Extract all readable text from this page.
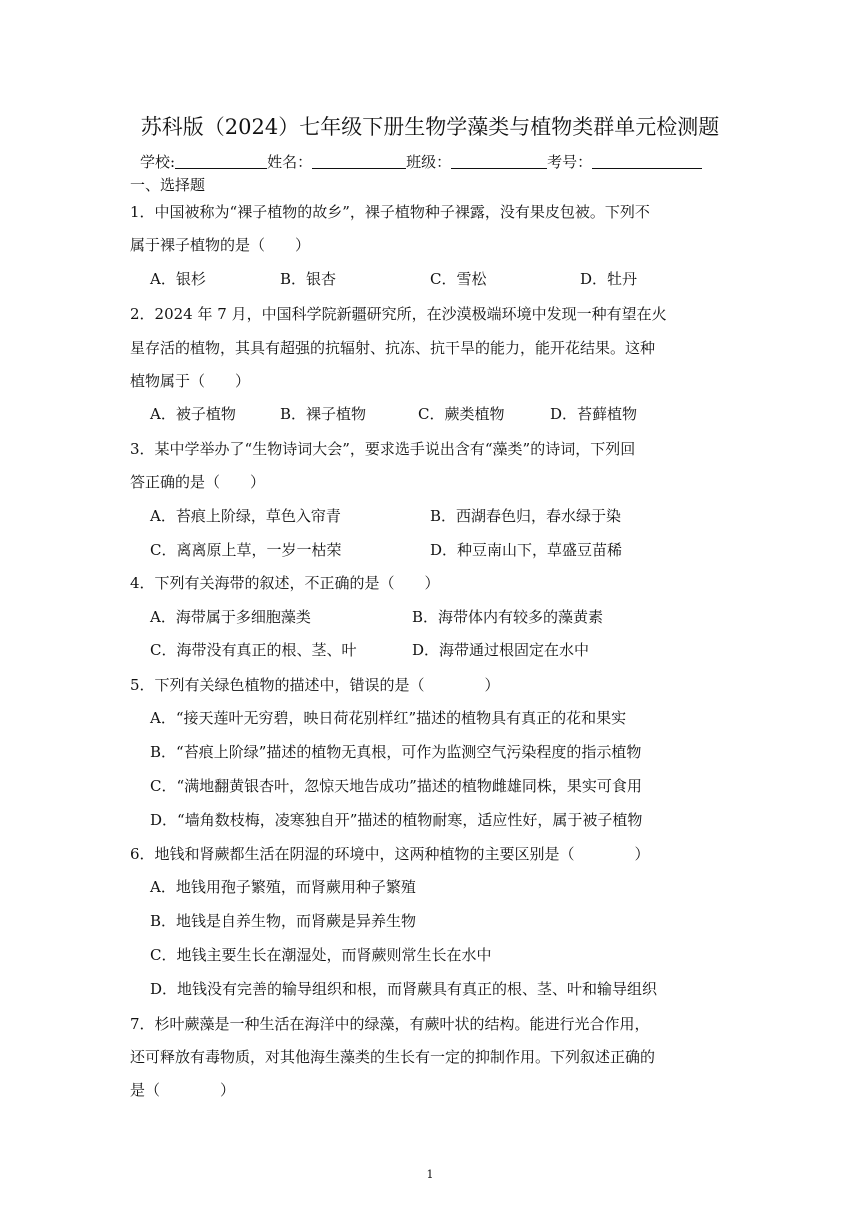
苏科版（2024）七年级下册生物学藻类与植物类群单元检测题
学校:	姓名：	班级：	考号：
一、选择题
1．中国被称为“裸子植物的故乡”，裸子植物种子裸露，没有果皮包被。下列不
属于裸子植物的是（　　）
A．银杉	B．银杏	C．雪松	D．牡丹
2．2024 年 7 月，中国科学院新疆研究所，在沙漠极端环境中发现一种有望在火
星存活的植物，其具有超强的抗辐射、抗冻、抗干旱的能力，能开花结果。这种
植物属于（　　）
A．被子植物	B．裸子植物	C．蕨类植物	D．苔藓植物
3．某中学举办了“生物诗词大会”，要求选手说出含有“藻类”的诗词，下列回
答正确的是（　　）
A．苔痕上阶绿，草色入帘青	B．西湖春色归，春水绿于染
C．离离原上草，一岁一枯荣	D．种豆南山下，草盛豆苗稀
4．下列有关海带的叙述，不正确的是（　　）
A．海带属于多细胞藻类	B．海带体内有较多的藻黄素
C．海带没有真正的根、茎、叶	D．海带通过根固定在水中
5．下列有关绿色植物的描述中，错误的是（　　　　）
A．“接天莲叶无穷碧，映日荷花别样红”描述的植物具有真正的花和果实
B．“苔痕上阶绿”描述的植物无真根，可作为监测空气污染程度的指示植物
C．“满地翻黄银杏叶，忽惊天地告成功”描述的植物雌雄同株，果实可食用
D．“墙角数枝梅，凌寒独自开”描述的植物耐寒，适应性好，属于被子植物
6．地钱和肾蕨都生活在阴湿的环境中，这两种植物的主要区别是（　　　　）
A．地钱用孢子繁殖，而肾蕨用种子繁殖
B．地钱是自养生物，而肾蕨是异养生物
C．地钱主要生长在潮湿处，而肾蕨则常生长在水中
D．地钱没有完善的输导组织和根，而肾蕨具有真正的根、茎、叶和输导组织
7．杉叶蕨藻是一种生活在海洋中的绿藻，有蕨叶状的结构。能进行光合作用，
还可释放有毒物质，对其他海生藻类的生长有一定的抑制作用。下列叙述正确的
是（　　　　）
1
